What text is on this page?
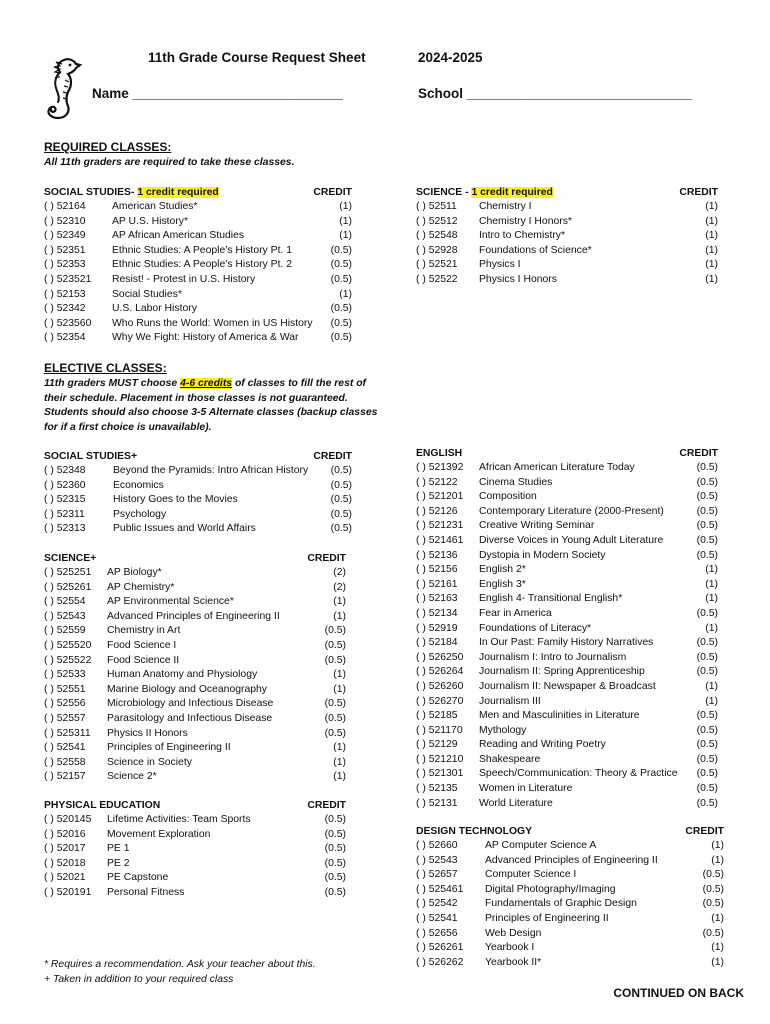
11th Grade Course Request Sheet	2024-2025
Name ____________________________	School ______________________________
REQUIRED CLASSES:
All 11th graders are required to take these classes.
SOCIAL STUDIES- 1 credit required	CREDIT
( ) 52164	American Studies*	(1)
( ) 52310	AP U.S. History*	(1)
( ) 52349	AP African American Studies	(1)
( ) 52351	Ethnic Studies: A People’s History Pt. 1	(0.5)
( ) 52353	Ethnic Studies: A People’s History Pt. 2	(0.5)
( ) 523521 Resist! - Protest in U.S. History	(0.5)
( ) 52153	Social Studies*	(1)
( ) 52342	U.S. Labor History	(0.5)
( ) 523560 Who Runs the World: Women in US History (0.5)
( ) 52354	Why We Fight: History of America & War	(0.5)
SCIENCE - 1 credit required	CREDIT
( ) 52511 Chemistry I	(1)
( ) 52512 Chemistry I Honors*	(1)
( ) 52548 Intro to Chemistry*	(1)
( ) 52928 Foundations of Science*	(1)
( ) 52521 Physics I	(1)
( ) 52522 Physics I Honors	(1)
ELECTIVE CLASSES:
11th graders MUST choose 4-6 credits of classes to fill the rest of
their schedule. Placement in those classes is not guaranteed.
Students should also choose 3-5 Alternate classes (backup classes
for if a first choice is unavailable).
SOCIAL STUDIES+	CREDIT
( ) 52348	Beyond the Pyramids: Intro African History (0.5)
( ) 52360	Economics	(0.5)
( ) 52315	History Goes to the Movies	(0.5)
( ) 52311	Psychology	(0.5)
( ) 52313	Public Issues and World Affairs	(0.5)
SCIENCE+	CREDIT
( ) 525251 AP Biology*	(2)
( ) 525261 AP Chemistry*	(2)
( ) 52554 AP Environmental Science*	(1)
( ) 52543 Advanced Principles of Engineering II	(1)
( ) 52559 Chemistry in Art	(0.5)
( ) 525520 Food Science I	(0.5)
( ) 525522 Food Science II	(0.5)
( ) 52533 Human Anatomy and Physiology	(1)
( ) 52551 Marine Biology and Oceanography	(1)
( ) 52556 Microbiology and Infectious Disease	(0.5)
( ) 52557 Parasitology and Infectious Disease	(0.5)
( ) 525311 Physics II Honors	(0.5)
( ) 52541 Principles of Engineering II	(1)
( ) 52558 Science in Society	(1)
( ) 52157 Science 2*	(1)
PHYSICAL EDUCATION	CREDIT
( ) 520145 Lifetime Activities: Team Sports	(0.5)
( ) 52016 Movement Exploration	(0.5)
( ) 52017 PE 1	(0.5)
( ) 52018 PE 2	(0.5)
( ) 52021 PE Capstone	(0.5)
( ) 520191 Personal Fitness	(0.5)
ENGLISH	CREDIT
( ) 521392 African American Literature Today	(0.5)
( ) 52122 Cinema Studies	(0.5)
( ) 521201 Composition	(0.5)
( ) 52126 Contemporary Literature (2000-Present)	(0.5)
( ) 521231 Creative Writing Seminar	(0.5)
( ) 521461 Diverse Voices in Young Adult Literature	(0.5)
( ) 52136 Dystopia in Modern Society	(0.5)
( ) 52156 English 2*	(1)
( ) 52161 English 3*	(1)
( ) 52163 English 4- Transitional English*	(1)
( ) 52134 Fear in America	(0.5)
( ) 52919 Foundations of Literacy*	(1)
( ) 52184 In Our Past: Family History Narratives	(0.5)
( ) 526250 Journalism I: Intro to Journalism	(0.5)
( ) 526264 Journalism II: Spring Apprenticeship	(0.5)
( ) 526260 Journalism II: Newspaper & Broadcast	(1)
( ) 526270 Journalism III	(1)
( ) 52185 Men and Masculinities in Literature	(0.5)
( ) 521170 Mythology	(0.5)
( ) 52129 Reading and Writing Poetry	(0.5)
( ) 521210 Shakespeare	(0.5)
( ) 521301 Speech/Communication: Theory & Practice (0.5)
( ) 52135 Women in Literature	(0.5)
( ) 52131 World Literature	(0.5)
DESIGN TECHNOLOGY	CREDIT
( ) 52660	AP Computer Science A	(1)
( ) 52543	Advanced Principles of Engineering II	(1)
( ) 52657	Computer Science I	(0.5)
( ) 525461 Digital Photography/Imaging	(0.5)
( ) 52542	Fundamentals of Graphic Design	(0.5)
( ) 52541	Principles of Engineering II	(1)
( ) 52656	Web Design	(0.5)
( ) 526261 Yearbook I	(1)
( ) 526262 Yearbook II*	(1)
* Requires a recommendation. Ask your teacher about this.
+ Taken in addition to your required class
CONTINUED ON BACK
